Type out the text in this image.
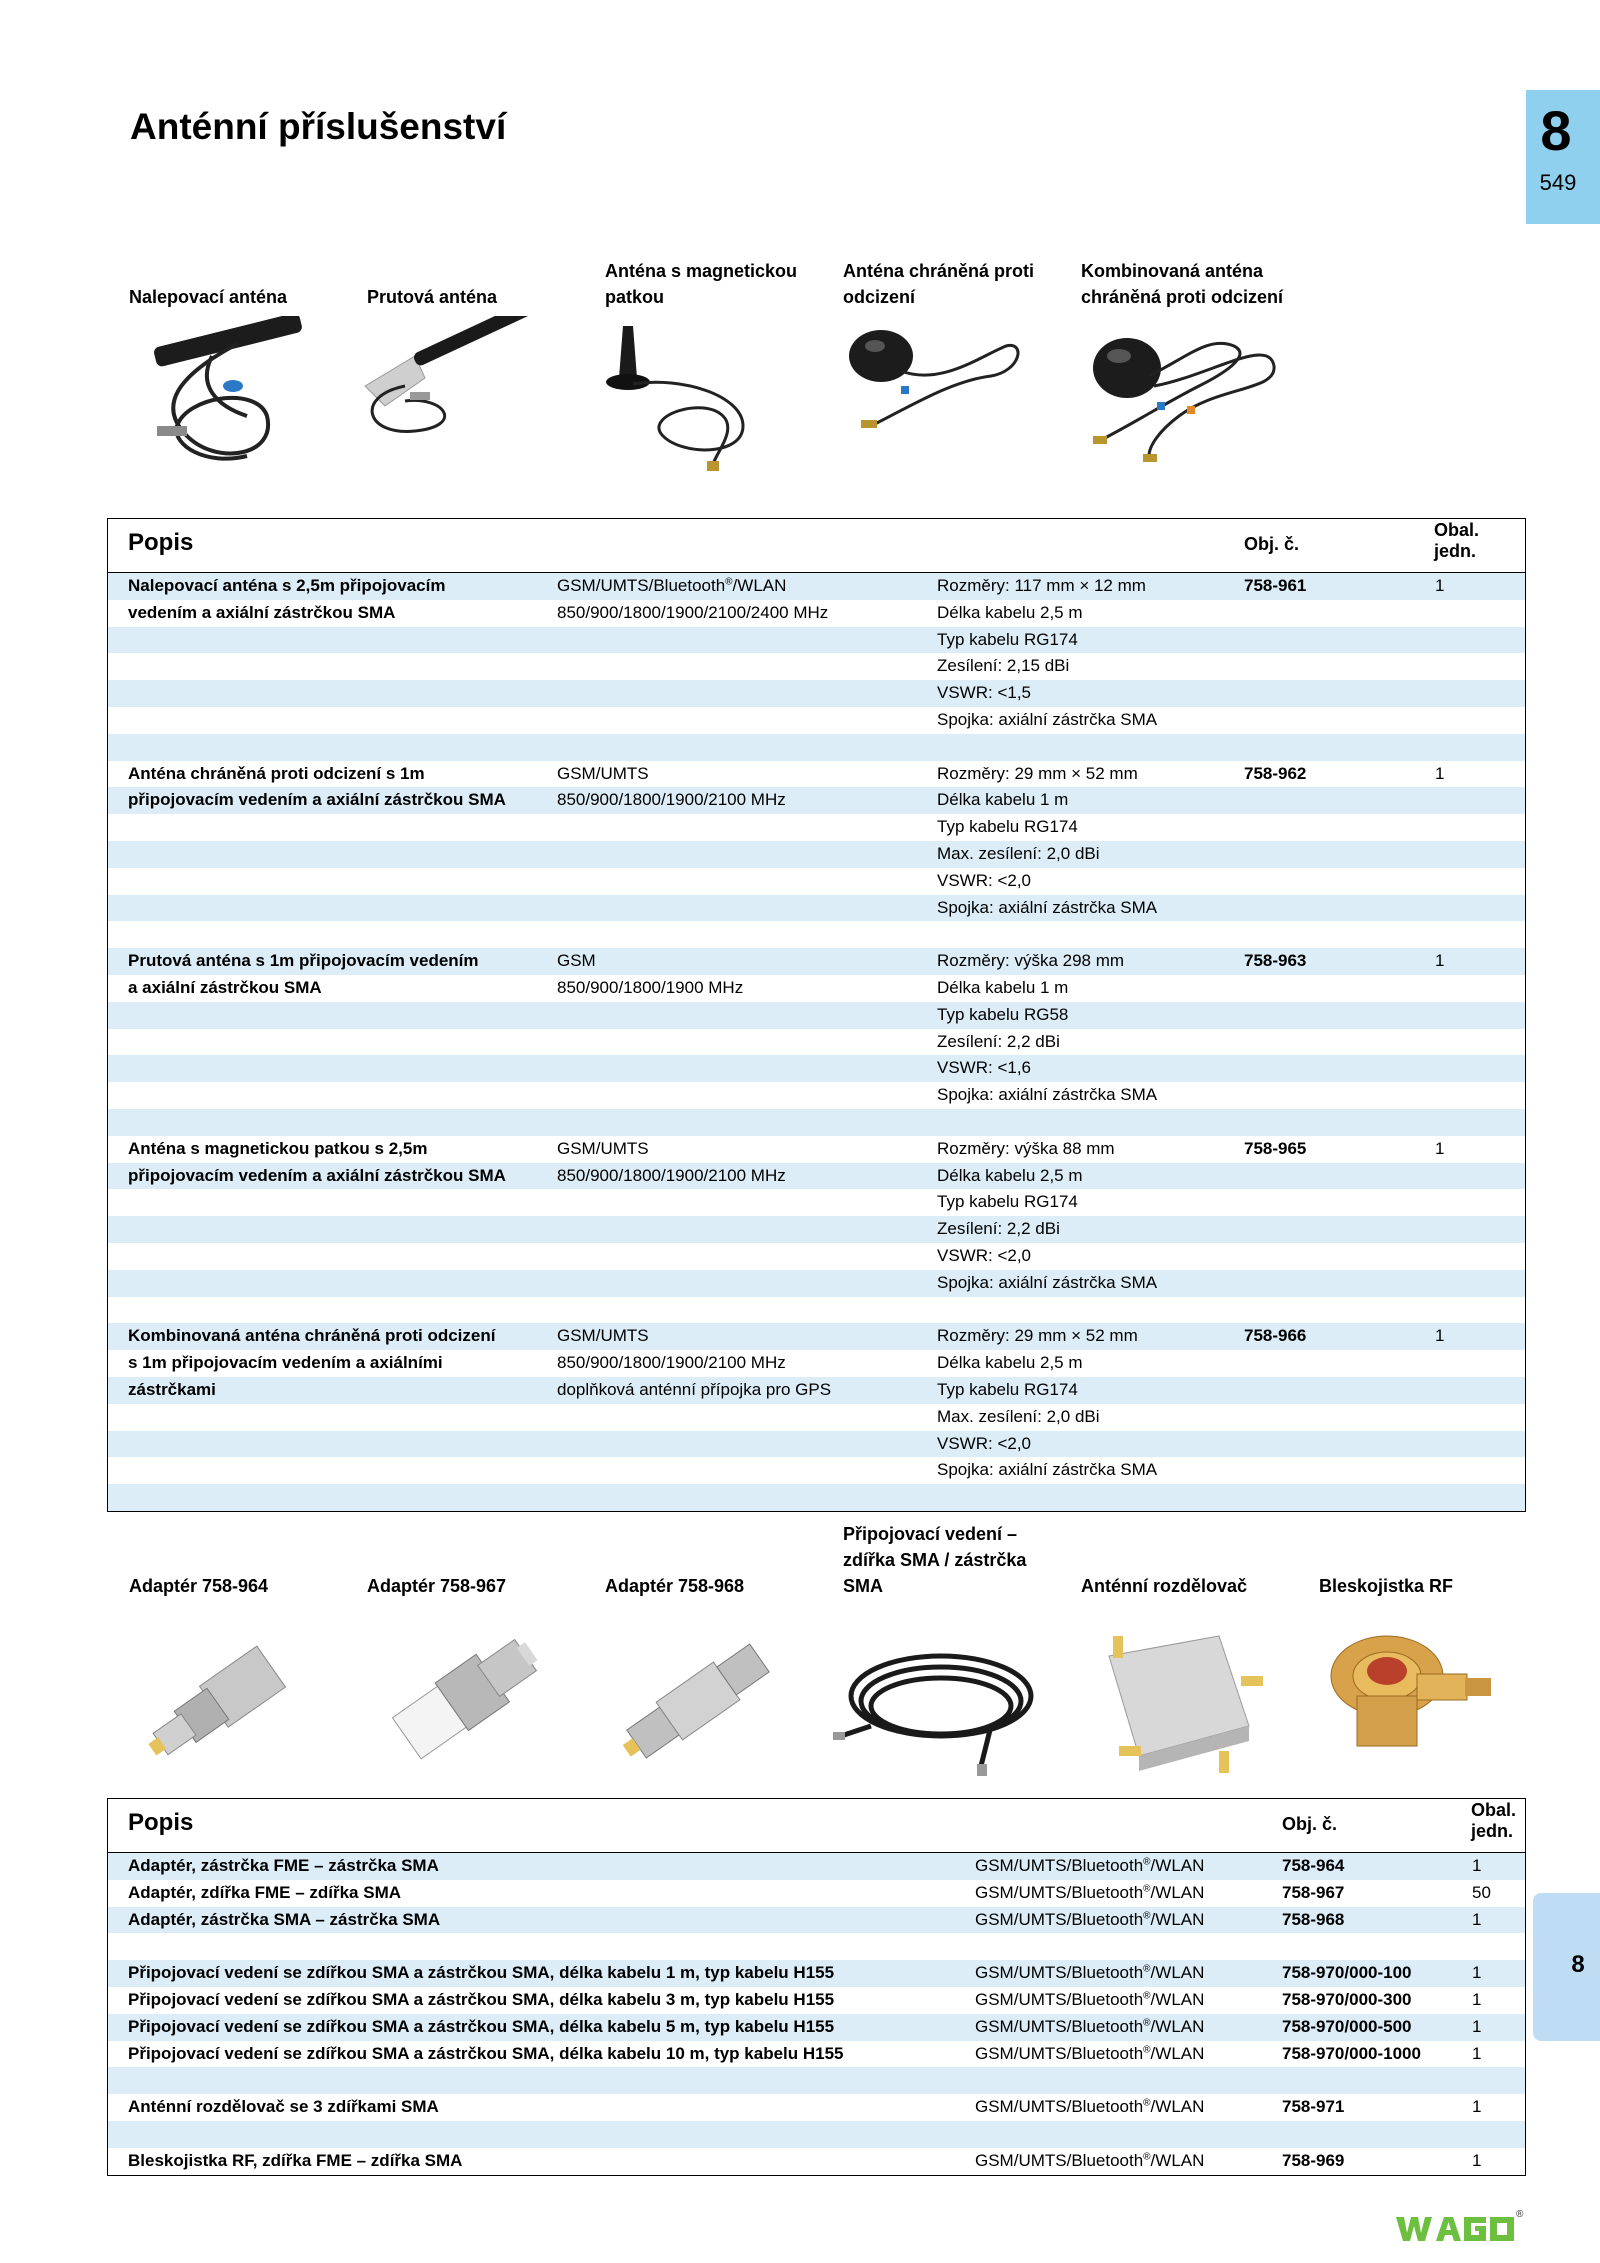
Anténní příslušenství	8
549
8
Nalepovací anténa	Prutová anténa
Anténa s magnetickou patkou
Anténa chráněná proti odcizení
Kombinovaná anténa chráněná proti odcizení
Popis	Obj. č.
Obal.
jedn.
Nalepovací anténa s 2,5m připojovacím	GSM/UMTS/Bluetooth®/WLAN	Rozměry: 117 mm × 12 mm	758-961	1
vedením a axiální zástrčkou SMA	850/900/1800/1900/2100/2400 MHz	Délka kabelu 2,5 m
Typ kabelu RG174
Zesílení: 2,15 dBi
VSWR: <1,5
Spojka: axiální zástrčka SMA
Anténa chráněná proti odcizení s 1m	GSM/UMTS	Rozměry: 29 mm × 52 mm	758-962	1
připojovacím vedením a axiální zástrčkou SMA	850/900/1800/1900/2100 MHz	Délka kabelu 1 m
Typ kabelu RG174
Max. zesílení: 2,0 dBi
VSWR: <2,0
Spojka: axiální zástrčka SMA
Prutová anténa s 1m připojovacím vedením	GSM	Rozměry: výška 298 mm	758-963	1
a axiální zástrčkou SMA	850/900/1800/1900 MHz	Délka kabelu 1 m
Typ kabelu RG58
Zesílení: 2,2 dBi
VSWR: <1,6
Spojka: axiální zástrčka SMA
Anténa s magnetickou patkou s 2,5m	GSM/UMTS	Rozměry: výška 88 mm	758-965	1
připojovacím vedením a axiální zástrčkou SMA	850/900/1800/1900/2100 MHz	Délka kabelu 2,5 m
Typ kabelu RG174
Zesílení: 2,2 dBi
VSWR: <2,0
Spojka: axiální zástrčka SMA
Kombinovaná anténa chráněná proti odcizení	GSM/UMTS	Rozměry: 29 mm × 52 mm	758-966	1
s 1m připojovacím vedením a axiálními	850/900/1800/1900/2100 MHz	Délka kabelu 2,5 m
zástrčkami	doplňková anténní přípojka pro GPS	Typ kabelu RG174
Max. zesílení: 2,0 dBi
VSWR: <2,0
Spojka: axiální zástrčka SMA
Adaptér 758-964	Adaptér 758-967	Adaptér 758-968
Připojovací vedení – zdířka SMA / zástrčka SMA	Anténní rozdělovač	Bleskojistka RF
Popis	Obj. č.
Obal.
jedn.
Adaptér, zástrčka FME – zástrčka SMA	GSM/UMTS/Bluetooth®/WLAN	758-964	1
Adaptér, zdířka FME – zdířka SMA	GSM/UMTS/Bluetooth®/WLAN	758-967	50
Adaptér, zástrčka SMA – zástrčka SMA	GSM/UMTS/Bluetooth®/WLAN	758-968	1
Připojovací vedení se zdířkou SMA a zástrčkou SMA, délka kabelu 1 m, typ kabelu H155	GSM/UMTS/Bluetooth®/WLAN	758-970/000-100	1
Připojovací vedení se zdířkou SMA a zástrčkou SMA, délka kabelu 3 m, typ kabelu H155	GSM/UMTS/Bluetooth®/WLAN	758-970/000-300	1
Připojovací vedení se zdířkou SMA a zástrčkou SMA, délka kabelu 5 m, typ kabelu H155	GSM/UMTS/Bluetooth®/WLAN	758-970/000-500	1
Připojovací vedení se zdířkou SMA a zástrčkou SMA, délka kabelu 10 m, typ kabelu H155	GSM/UMTS/Bluetooth®/WLAN	758-970/000-1000	1
Anténní rozdělovač se 3 zdířkami SMA	GSM/UMTS/Bluetooth®/WLAN	758-971	1
Bleskojistka RF, zdířka FME – zdířka SMA	GSM/UMTS/Bluetooth®/WLAN	758-969	1
®
